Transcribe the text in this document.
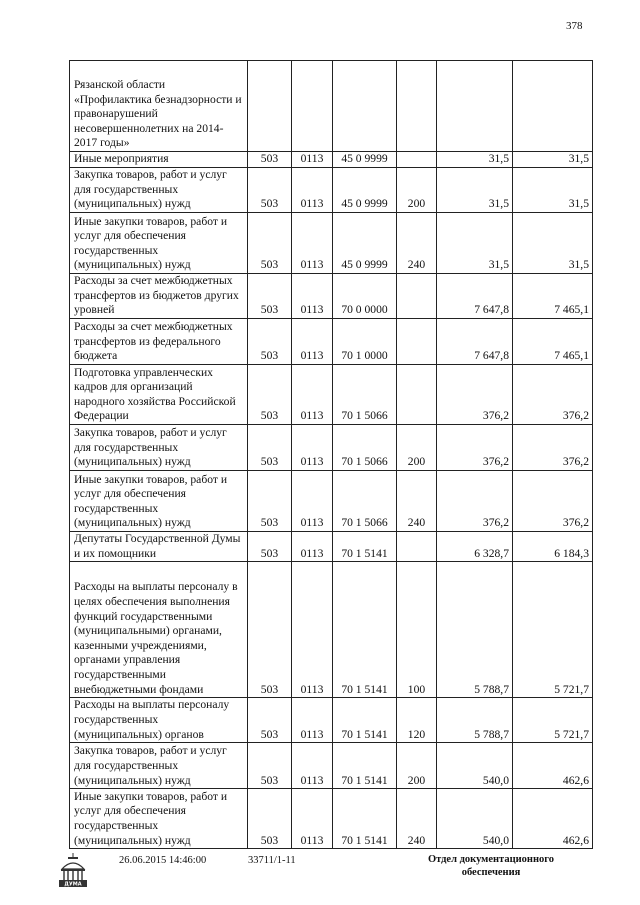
378
Рязанской области «Профилактика безнадзорности и правонарушений несовершеннолетних на 2014-2017 годы»						
Иные мероприятия	503	0113	45 0 9999		31,5	31,5
Закупка товаров, работ и услуг для государственных (муниципальных) нужд	503	0113	45 0 9999	200	31,5	31,5
Иные закупки товаров, работ и услуг для обеспечения государственных (муниципальных) нужд	503	0113	45 0 9999	240	31,5	31,5
Расходы за счет межбюджетных трансфертов из бюджетов других уровней	503	0113	70 0 0000		7 647,8	7 465,1
Расходы за счет межбюджетных трансфертов из федерального бюджета	503	0113	70 1 0000		7 647,8	7 465,1
Подготовка управленческих кадров для организаций народного хозяйства Российской Федерации	503	0113	70 1 5066		376,2	376,2
Закупка товаров, работ и услуг для государственных (муниципальных) нужд	503	0113	70 1 5066	200	376,2	376,2
Иные закупки товаров, работ и услуг для обеспечения государственных (муниципальных) нужд	503	0113	70 1 5066	240	376,2	376,2
Депутаты Государственной Думы и их помощники	503	0113	70 1 5141		6 328,7	6 184,3
Расходы на выплаты персоналу в целях обеспечения выполнения функций государственными (муниципальными) органами, казенными учреждениями, органами управления государственными внебюджетными фондами	503	0113	70 1 5141	100	5 788,7	5 721,7
Расходы на выплаты персоналу государственных (муниципальных) органов	503	0113	70 1 5141	120	5 788,7	5 721,7
Закупка товаров, работ и услуг для государственных (муниципальных) нужд	503	0113	70 1 5141	200	540,0	462,6
Иные закупки товаров, работ и услуг для обеспечения государственных (муниципальных) нужд	503	0113	70 1 5141	240	540,0	462,6
ДУМА
26.06.2015 14:46:00	33711/1-11	Отдел документационного
обеспечения
